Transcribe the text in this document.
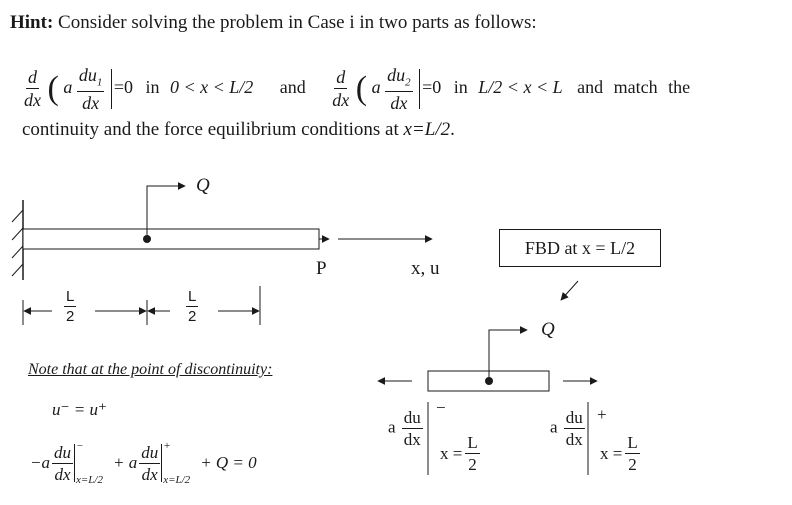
Hint: Consider solving the problem in Case i in two parts as follows:
$\frac{d}{dx}$ ( a $\frac{du_1}{dx} =0$ in 0 < x < L/2 and $\frac{d}{dx}$ ( a $\frac{du_2}{dx} =0$ in L/2 < x < L and match the
continuity and the force equilibrium conditions at x=L/2.
Q
P	x, u
$\frac{L}{2}$	$\frac{L}{2}$
FBD at x = L/2
Q
a $\frac{du}{dx}$
−
$x = \frac{L}{2}$
a $\frac{du}{dx}$ +
$x = \frac{L}{2}$
Note that at the point of discontinuity:
u⁻ = u⁺
$-a \frac{du}{dx}$ −
x=L/2
+ a $\frac{du}{dx}$ +
x=L/2
+ Q = 0
